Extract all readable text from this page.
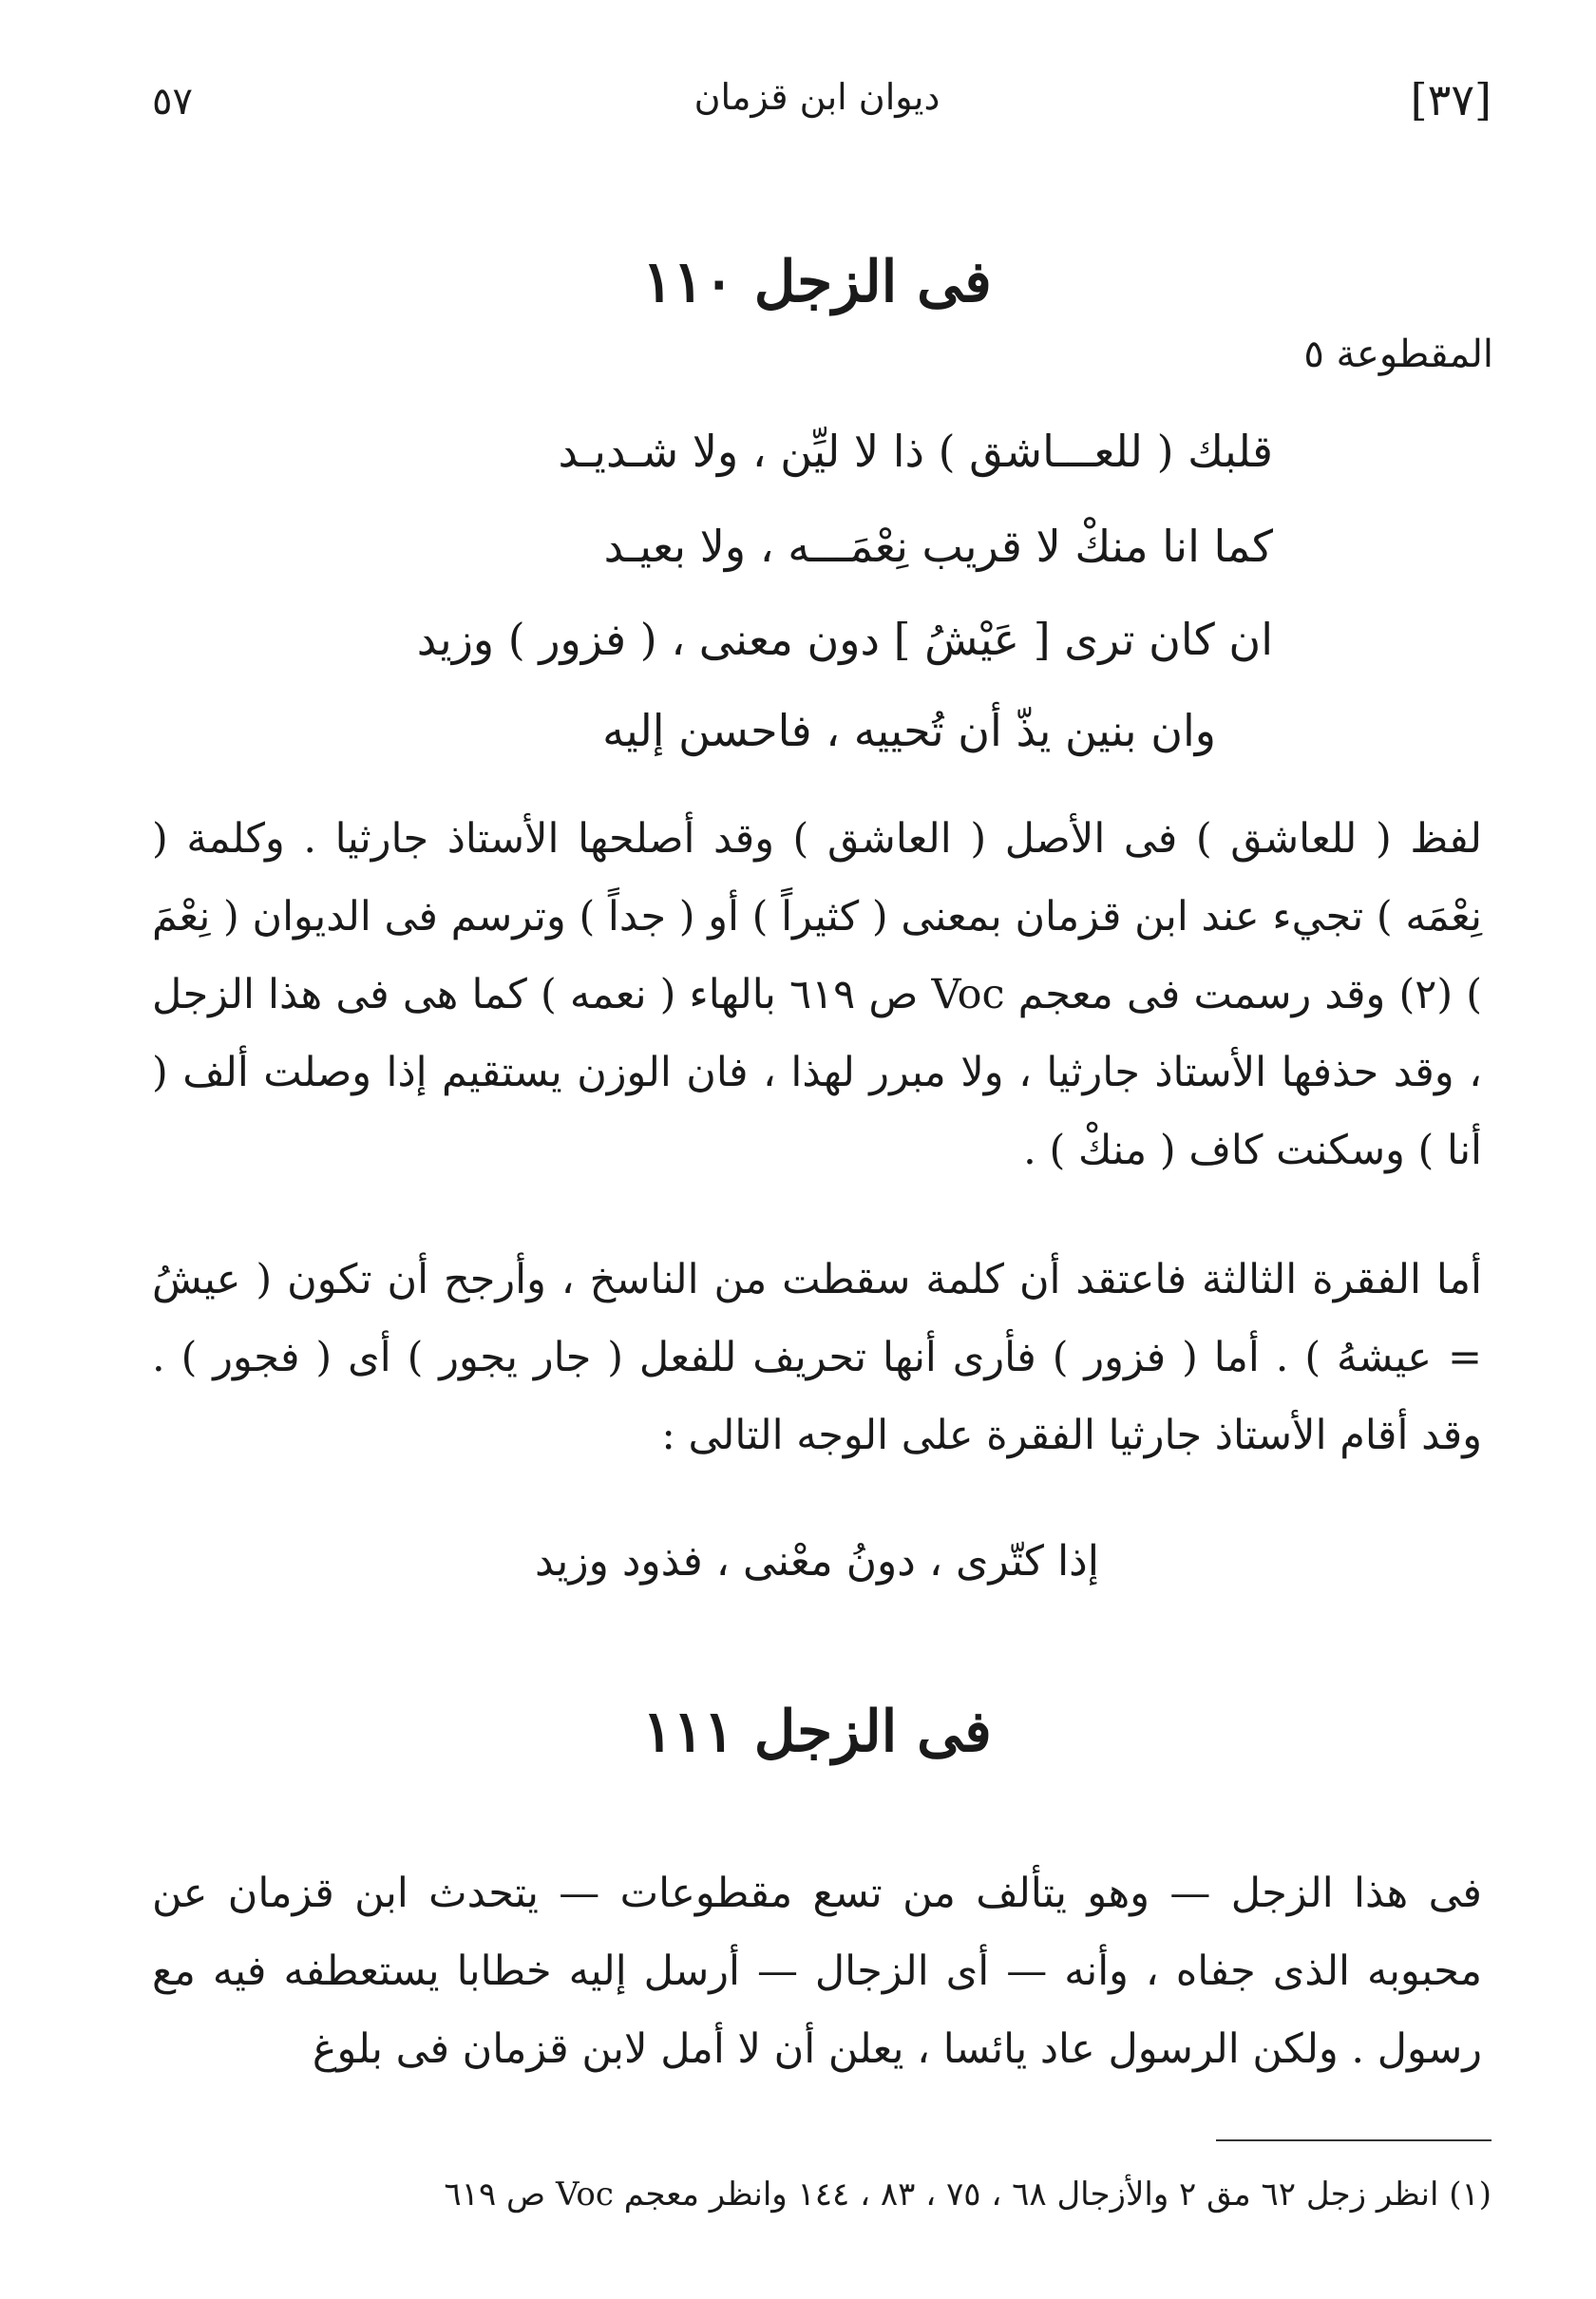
[٣٧]
ديوان ابن قزمان
٥٧
فى الزجل ١١٠
المقطوعة ٥
قلبك ( للعـــاشق ) ذا لا ليِّن ، ولا شـديـد
كما انا منكْ لا قريب نِعْمَـــه ، ولا بعيـد
ان كان ترى [ عَيْشُ ] دون معنى ، ( فزور ) وزيد
وان بنين يذّ أن تُحييه ، فاحسن إليه

لفظ ( للعاشق ) فى الأصل ( العاشق ) وقد أصلحها الأستاذ جارثيا . وكلمة ( نِعْمَه ) تجيء عند ابن قزمان بمعنى ( كثيراً ) أو ( جداً ) وترسم فى الديوان ( نِعْمَ ) (٢) وقد رسمت فى معجم Voc ص ٦١٩ بالهاء ( نعمه ) كما هى فى هذا الزجل ، وقد حذفها الأستاذ جارثيا ، ولا مبرر لهذا ، فان الوزن يستقيم إذا وصلت ألف ( أنا ) وسكنت كاف ( منكْ ) .

أما الفقرة الثالثة فاعتقد أن كلمة سقطت من الناسخ ، وأرجح أن تكون ( عيشُ = عيشهُ ) . أما ( فزور ) فأرى أنها تحريف للفعل ( جار يجور ) أى ( فجور ) . وقد أقام الأستاذ جارثيا الفقرة على الوجه التالى :

إذا كتّرى ، دونُ معْنى ، فذود وزيد
فى الزجل ١١١

فى هذا الزجل — وهو يتألف من تسع مقطوعات — يتحدث ابن قزمان عن محبوبه الذى جفاه ، وأنه — أى الزجال — أرسل إليه خطابا يستعطفه فيه مع رسول . ولكن الرسول عاد يائسا ، يعلن أن لا أمل لابن قزمان فى بلوغ

(١) انظر زجل ٦٢ مق ٢ والأزجال ٦٨ ، ٧٥ ، ٨٣ ، ١٤٤ وانظر معجم Voc ص ٦١٩
